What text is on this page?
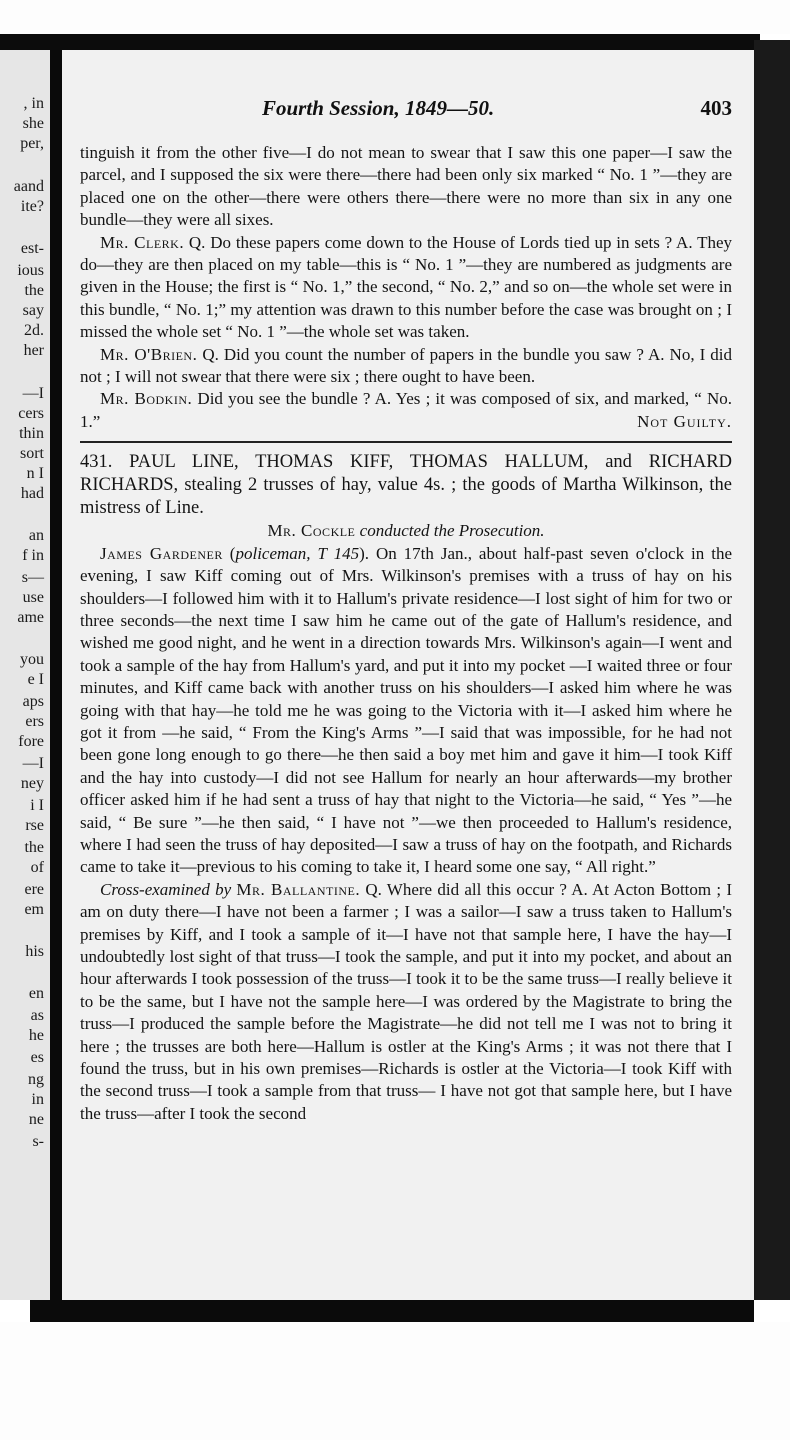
, in
she
per,
aand
ite?
est-
ious
the
say
2d.
her
—I
cers
thin
sort
n I
had
an
f in
s—
use
ame
you
e I
aps
ers
fore
—I
ney
i I
rse
the
of
ere
em
his
en
as
he
es
ng
in
ne
s-
Fourth Session, 1849—50.	403

tinguish it from the other five—I do not mean to swear that I saw this one paper—I saw the parcel, and I supposed the six were there—there had been only six marked “ No. 1 ”—they are placed one on the other—there were others there—there were no more than six in any one bundle—they were all sixes.

Mr. Clerk. Q. Do these papers come down to the House of Lords tied up in sets ? A. They do—they are then placed on my table—this is “ No. 1 ”—they are numbered as judgments are given in the House; the first is “ No. 1,” the second, “ No. 2,” and so on—the whole set were in this bundle, “ No. 1;” my attention was drawn to this number before the case was brought on ; I missed the whole set “ No. 1 ”—the whole set was taken.

Mr. O'Brien. Q. Did you count the number of papers in the bundle you saw ? A. No, I did not ; I will not swear that there were six ; there ought to have been.

Mr. Bodkin. Did you see the bundle ? A. Yes ; it was composed of six, and marked, “ No. 1.”	Not Guilty.

431. PAUL LINE, THOMAS KIFF, THOMAS HALLUM, and RICHARD RICHARDS, stealing 2 trusses of hay, value 4s. ; the goods of Martha Wilkinson, the mistress of Line.

Mr. Cockle conducted the Prosecution.

James Gardener (policeman, T 145). On 17th Jan., about half-past seven o'clock in the evening, I saw Kiff coming out of Mrs. Wilkinson's premises with a truss of hay on his shoulders—I followed him with it to Hallum's private residence—I lost sight of him for two or three seconds—the next time I saw him he came out of the gate of Hallum's residence, and wished me good night, and he went in a direction towards Mrs. Wilkinson's again—I went and took a sample of the hay from Hallum's yard, and put it into my pocket —I waited three or four minutes, and Kiff came back with another truss on his shoulders—I asked him where he was going with that hay—he told me he was going to the Victoria with it—I asked him where he got it from —he said, “ From the King's Arms ”—I said that was impossible, for he had not been gone long enough to go there—he then said a boy met him and gave it him—I took Kiff and the hay into custody—I did not see Hallum for nearly an hour afterwards—my brother officer asked him if he had sent a truss of hay that night to the Victoria—he said, “ Yes ”—he said, “ Be sure ”—he then said, “ I have not ”—we then proceeded to Hallum's residence, where I had seen the truss of hay deposited—I saw a truss of hay on the footpath, and Richards came to take it—previous to his coming to take it, I heard some one say, “ All right.”

Cross-examined by Mr. Ballantine. Q. Where did all this occur ? A. At Acton Bottom ; I am on duty there—I have not been a farmer ; I was a sailor—I saw a truss taken to Hallum's premises by Kiff, and I took a sample of it—I have not that sample here, I have the hay—I undoubtedly lost sight of that truss—I took the sample, and put it into my pocket, and about an hour afterwards I took possession of the truss—I took it to be the same truss—I really believe it to be the same, but I have not the sample here—I was ordered by the Magistrate to bring the truss—I produced the sample before the Magistrate—he did not tell me I was not to bring it here ; the trusses are both here—Hallum is ostler at the King's Arms ; it was not there that I found the truss, but in his own premises—Richards is ostler at the Victoria—I took Kiff with the second truss—I took a sample from that truss— I have not got that sample here, but I have the truss—after I took the second
